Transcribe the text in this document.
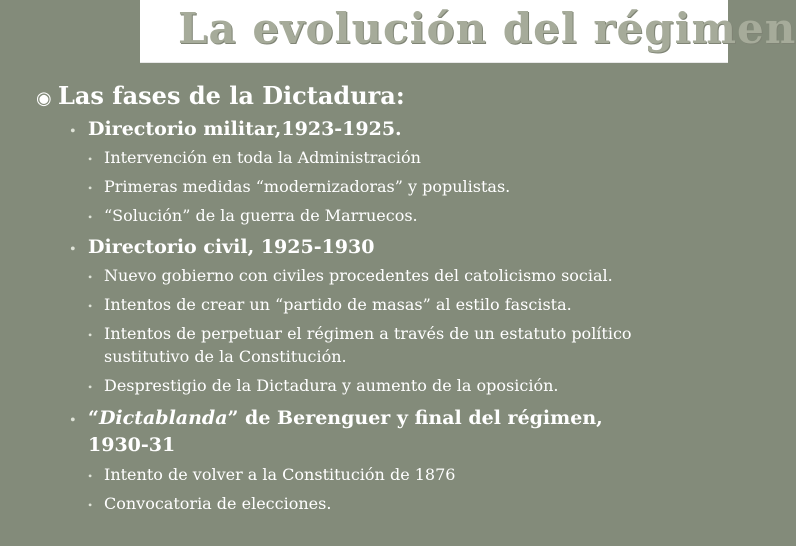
La evolución del régimen
◉ Las fases de la Dictadura:
• Directorio militar,1923-1925.
• Intervención en toda la Administración
• Primeras medidas “modernizadoras” y populistas.
• “Solución” de la guerra de Marruecos.
• Directorio civil, 1925-1930
• Nuevo gobierno con civiles procedentes del catolicismo social.
• Intentos de crear un “partido de masas” al estilo fascista.
• Intentos de perpetuar el régimen a través de un estatuto político
sustitutivo de la Constitución.
• Desprestigio de la Dictadura y aumento de la oposición.
• “Dictablanda” de Berenguer y final del régimen,
1930-31
• Intento de volver a la Constitución de 1876
• Convocatoria de elecciones.
